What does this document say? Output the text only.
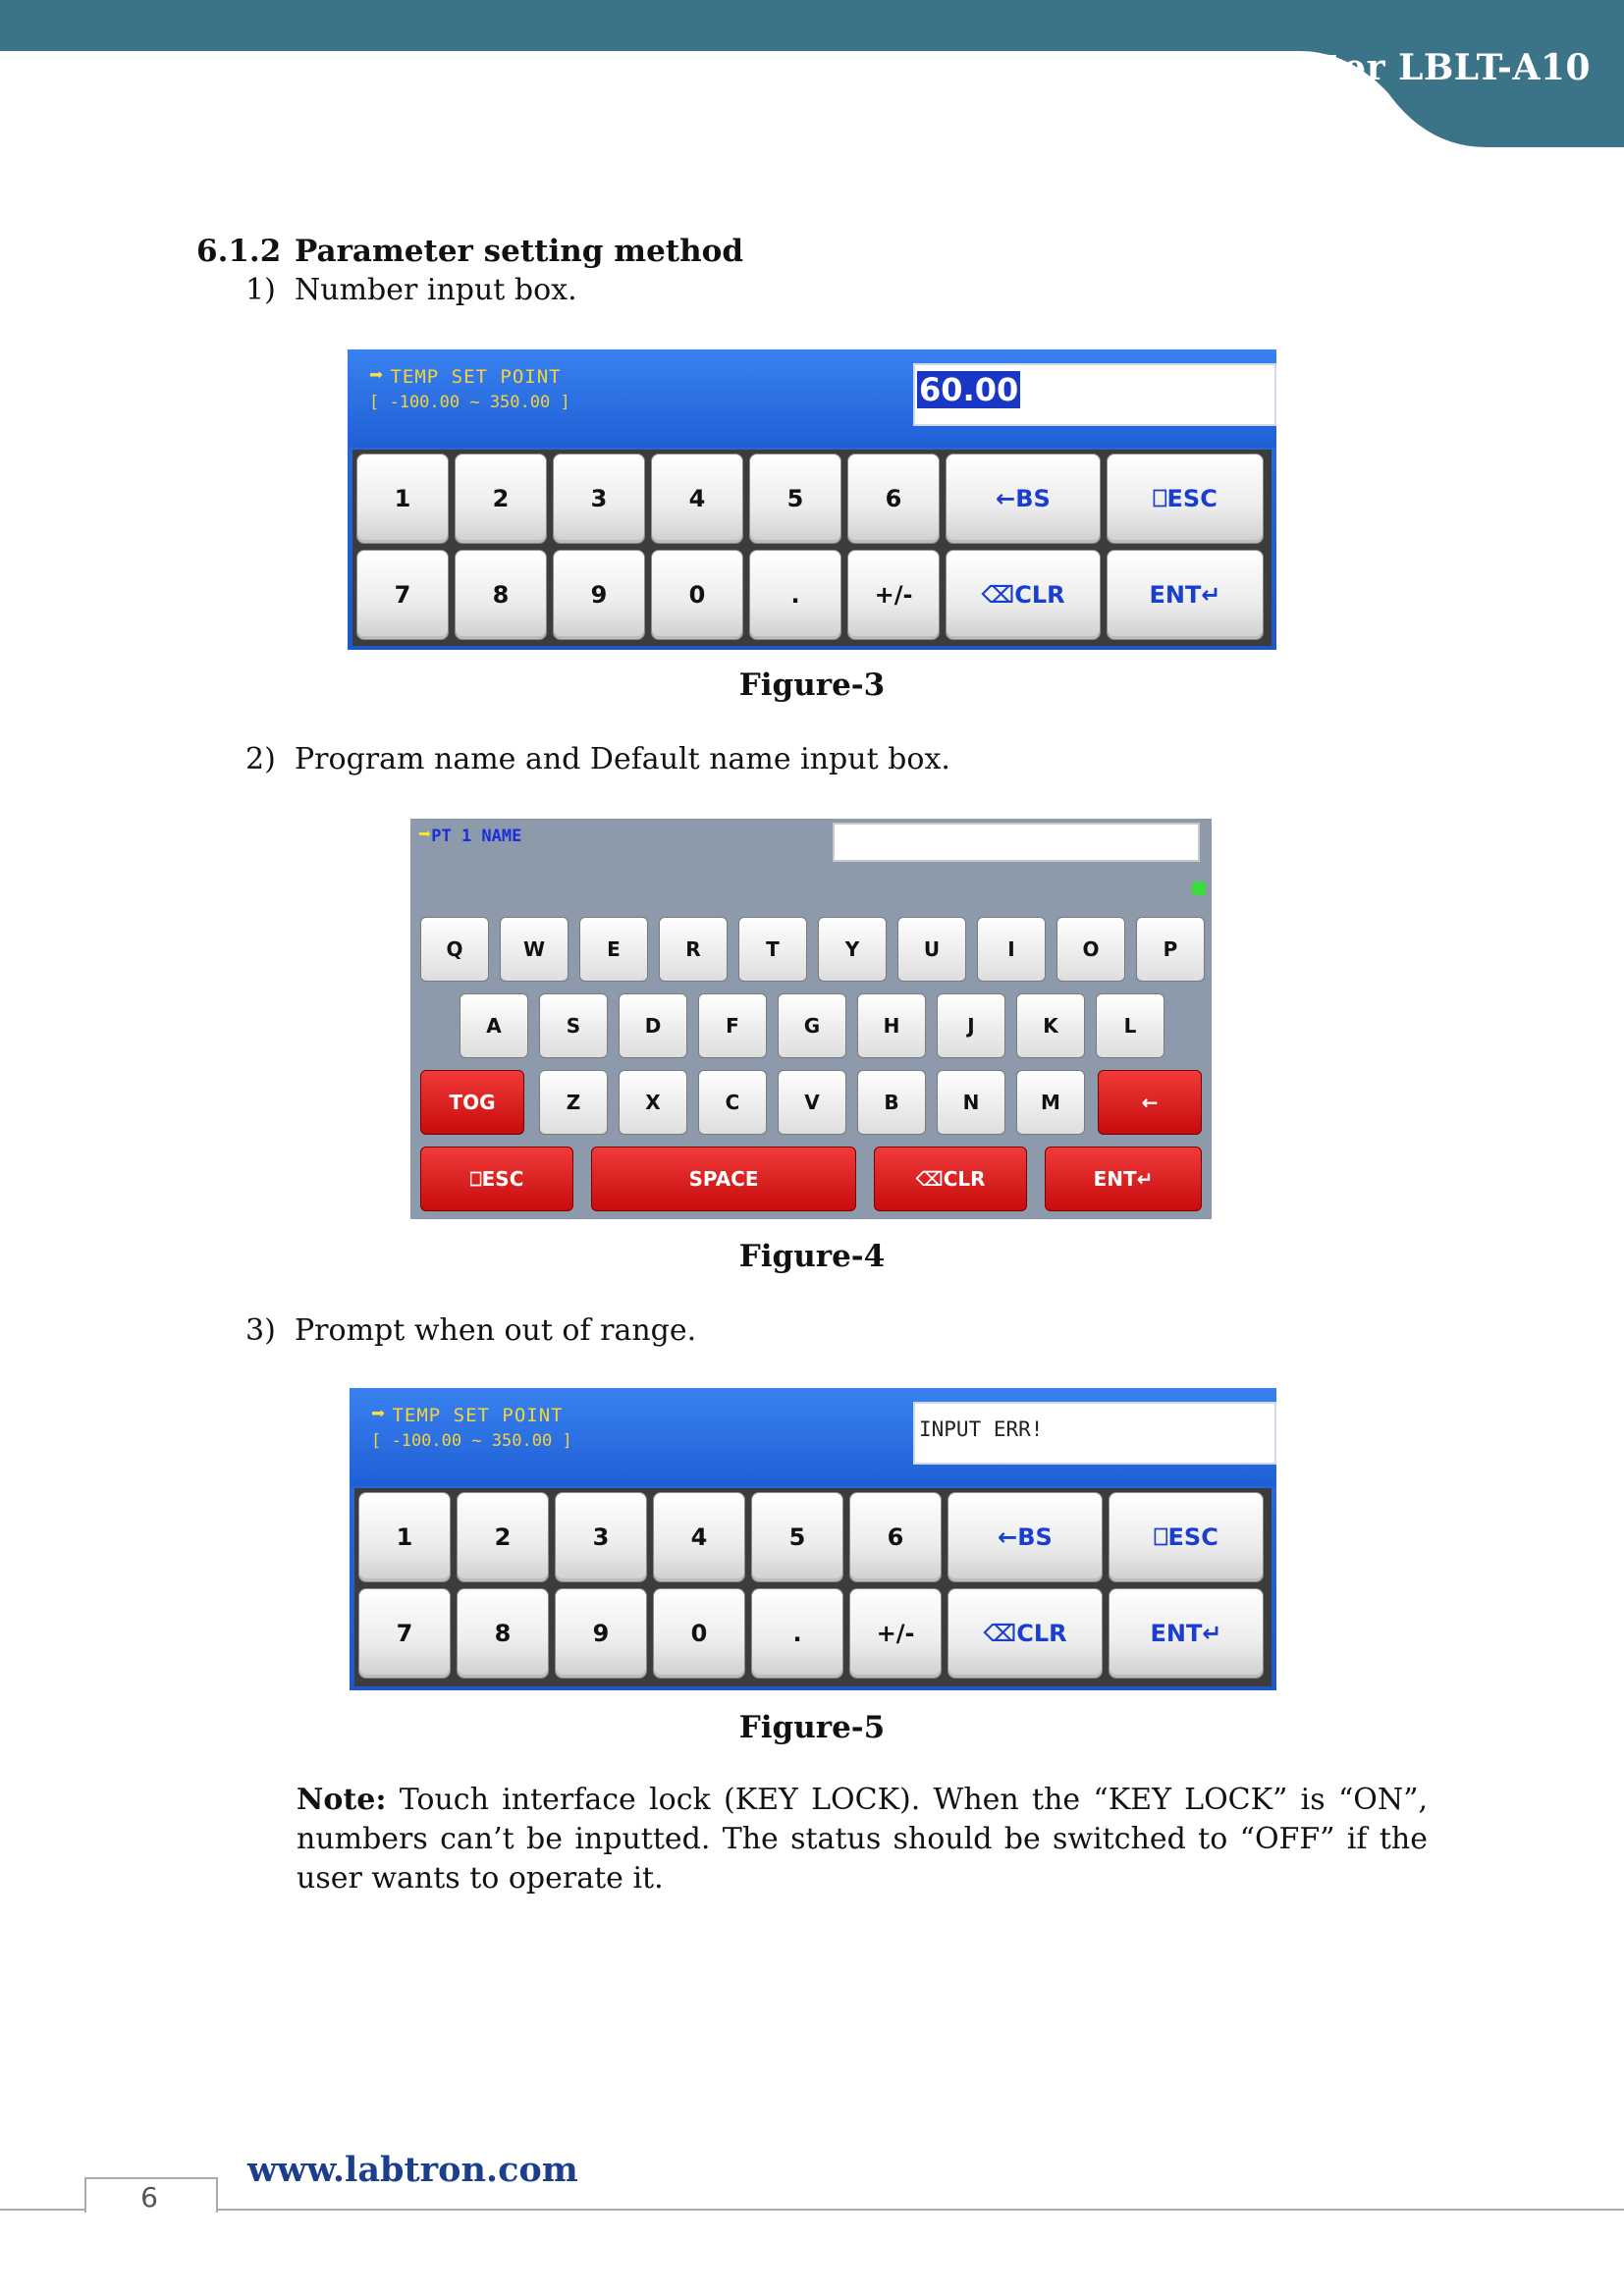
Light Fastness Tester LBLT-A10
6.1.2 Parameter setting method
1) Number input box.
➡ TEMP SET POINT
[ -100.00 ~ 350.00 ]	60.00
1	2	3	4	5	6	←BS	⎕ESC
7	8	9	0	.	+/-	⌫CLR	ENT↵
Figure-3
2) Program name and Default name input box.
➡PT 1 NAME
Q	W	E	R	T	Y	U	I	O	P
A	S	D	F	G	H	J	K	L
TOG	Z	X	C	V	B	N	M	←
⎕ESC	SPACE	⌫CLR	ENT↵
Figure-4
3) Prompt when out of range.
➡ TEMP SET POINT
[ -100.00 ~ 350.00 ]	INPUT ERR!
1	2	3	4	5	6	←BS	⎕ESC
7	8	9	0	.	+/-	⌫CLR	ENT↵
Figure-5
Note: Touch interface lock (KEY LOCK). When the “KEY LOCK” is “ON”, numbers can’t be inputted. The status should be switched to “OFF” if the user wants to operate it.
6
www.labtron.com
